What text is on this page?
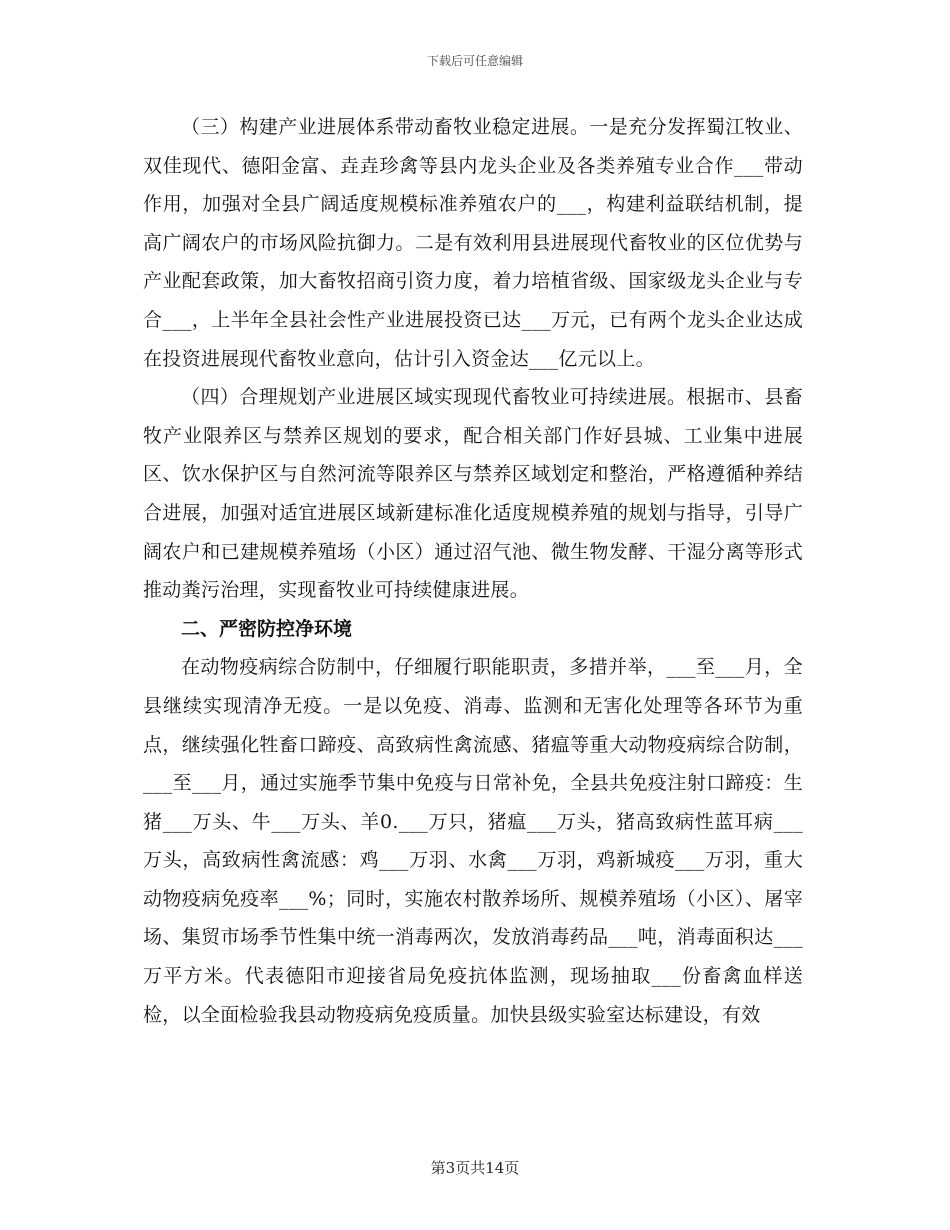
下载后可任意编辑

（三）构建产业进展体系带动畜牧业稳定进展。一是充分发挥蜀江牧业、双佳现代、德阳金富、垚垚珍禽等县内龙头企业及各类养殖专业合作___带动作用，加强对全县广阔适度规模标准养殖农户的___，构建利益联结机制，提高广阔农户的市场风险抗御力。二是有效利用县进展现代畜牧业的区位优势与产业配套政策，加大畜牧招商引资力度，着力培植省级、国家级龙头企业与专合___，上半年全县社会性产业进展投资已达___万元，已有两个龙头企业达成在投资进展现代畜牧业意向，估计引入资金达___亿元以上。

（四）合理规划产业进展区域实现现代畜牧业可持续进展。根据市、县畜牧产业限养区与禁养区规划的要求，配合相关部门作好县城、工业集中进展区、饮水保护区与自然河流等限养区与禁养区域划定和整治，严格遵循种养结合进展，加强对适宜进展区域新建标准化适度规模养殖的规划与指导，引导广阔农户和已建规模养殖场（小区）通过沼气池、微生物发酵、干湿分离等形式推动粪污治理，实现畜牧业可持续健康进展。

二、严密防控净环境

在动物疫病综合防制中，仔细履行职能职责，多措并举，___至___月，全县继续实现清净无疫。一是以免疫、消毒、监测和无害化处理等各环节为重点，继续强化牲畜口蹄疫、高致病性禽流感、猪瘟等重大动物疫病综合防制，___至___月，通过实施季节集中免疫与日常补免，全县共免疫注射口蹄疫：生猪___万头、牛___万头、羊0.___万只，猪瘟___万头，猪高致病性蓝耳病___万头，高致病性禽流感：鸡___万羽、水禽___万羽，鸡新城疫___万羽，重大动物疫病免疫率___%；同时，实施农村散养场所、规模养殖场（小区）、屠宰场、集贸市场季节性集中统一消毒两次，发放消毒药品___吨，消毒面积达___万平方米。代表德阳市迎接省局免疫抗体监测，现场抽取___份畜禽血样送检，以全面检验我县动物疫病免疫质量。加快县级实验室达标建设，有效

第3页共14页
